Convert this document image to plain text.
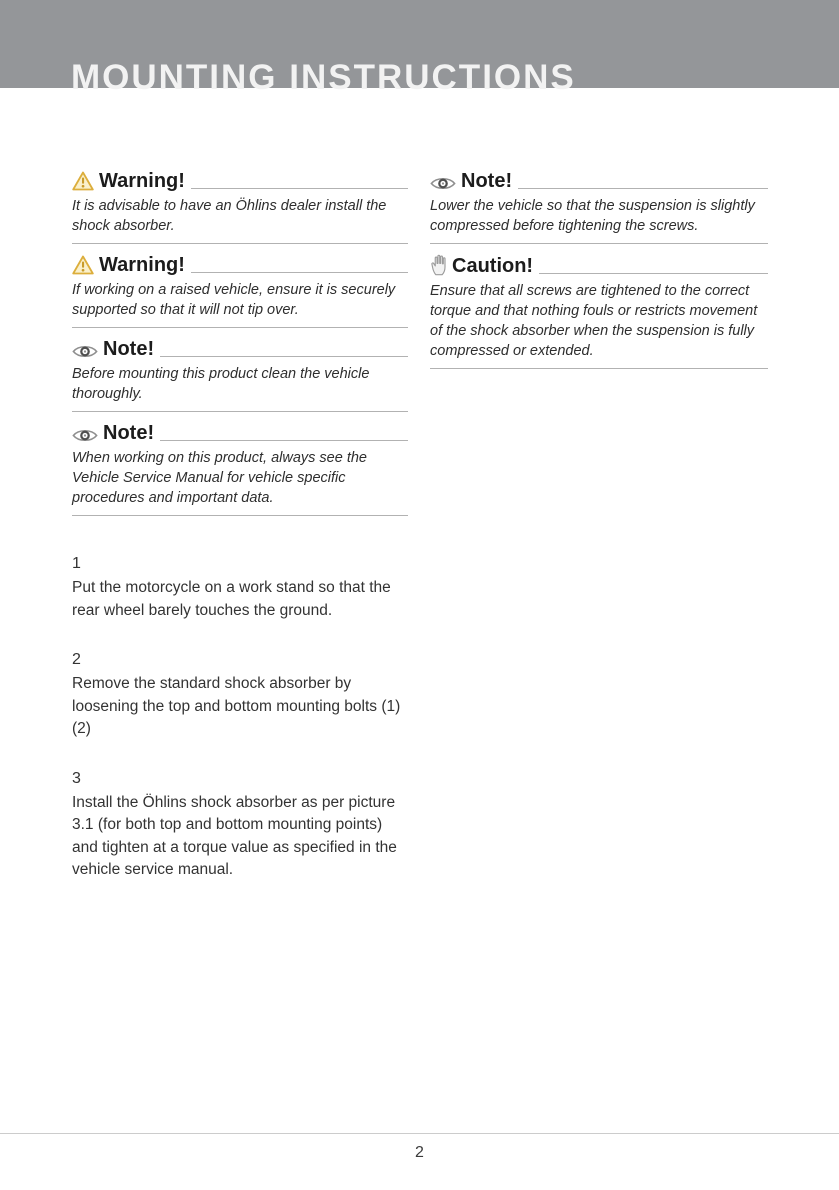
MOUNTING INSTRUCTIONS
Warning!

It is advisable to have an Öhlins dealer install the shock absorber.

Warning!

If working on a raised vehicle, ensure it is securely supported so that it will not tip over.

Note!

Before mounting this product clean the vehicle thoroughly.

Note!

When working on this product, always see the Vehicle Service Manual for vehicle specific procedures and important data.

1

Put the motorcycle on a work stand so that the rear wheel barely touches the ground.

2

Remove the standard shock absorber by loosening the top and bottom mounting bolts (1) (2)

3

Install the Öhlins shock absorber as per picture 3.1 (for both top and bottom mounting points) and tighten at a torque value as specified in the vehicle service manual.

Note!

Lower the vehicle so that the suspension is slightly compressed before tightening the screws.

Caution!

Ensure that all screws are tightened to the correct torque and that nothing fouls or restricts movement of the shock absorber when the suspension is fully compressed or extended.

2
